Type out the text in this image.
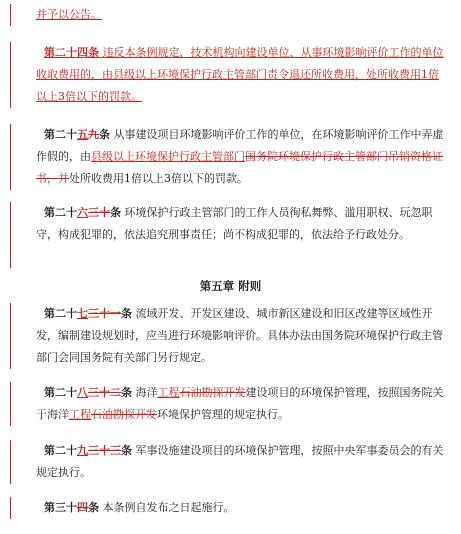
并予以公告。
第二十四条 违反本条例规定，技术机构向建设单位、从事环境影响评价工作的单位收取费用的，由县级以上环境保护行政主管部门责令退还所收费用，处所收费用1倍以上3倍以下的罚款。
第二十五九条 从事建设项目环境影响评价工作的单位，在环境影响评价工作中弄虚作假的，由县级以上环境保护行政主管部门国务院环境保护行政主管部门吊销资格证书，并处所收费用1倍以上3倍以下的罚款。
第二十六三十条 环境保护行政主管部门的工作人员徇私舞弊、滥用职权、玩忽职守，构成犯罪的，依法追究刑事责任；尚不构成犯罪的，依法给予行政处分。
第五章 附则
第二十七三十一条 流域开发、开发区建设、城市新区建设和旧区改建等区域性开发，编制建设规划时，应当进行环境影响评价。具体办法由国务院环境保护行政主管部门会同国务院有关部门另行规定。
第二十八三十二条 海洋工程石油勘探开发建设项目的环境保护管理，按照国务院关于海洋工程石油勘探开发环境保护管理的规定执行。
第二十九三十三条 军事设施建设项目的环境保护管理，按照中央军事委员会的有关规定执行。
第三十四条 本条例自发布之日起施行。
